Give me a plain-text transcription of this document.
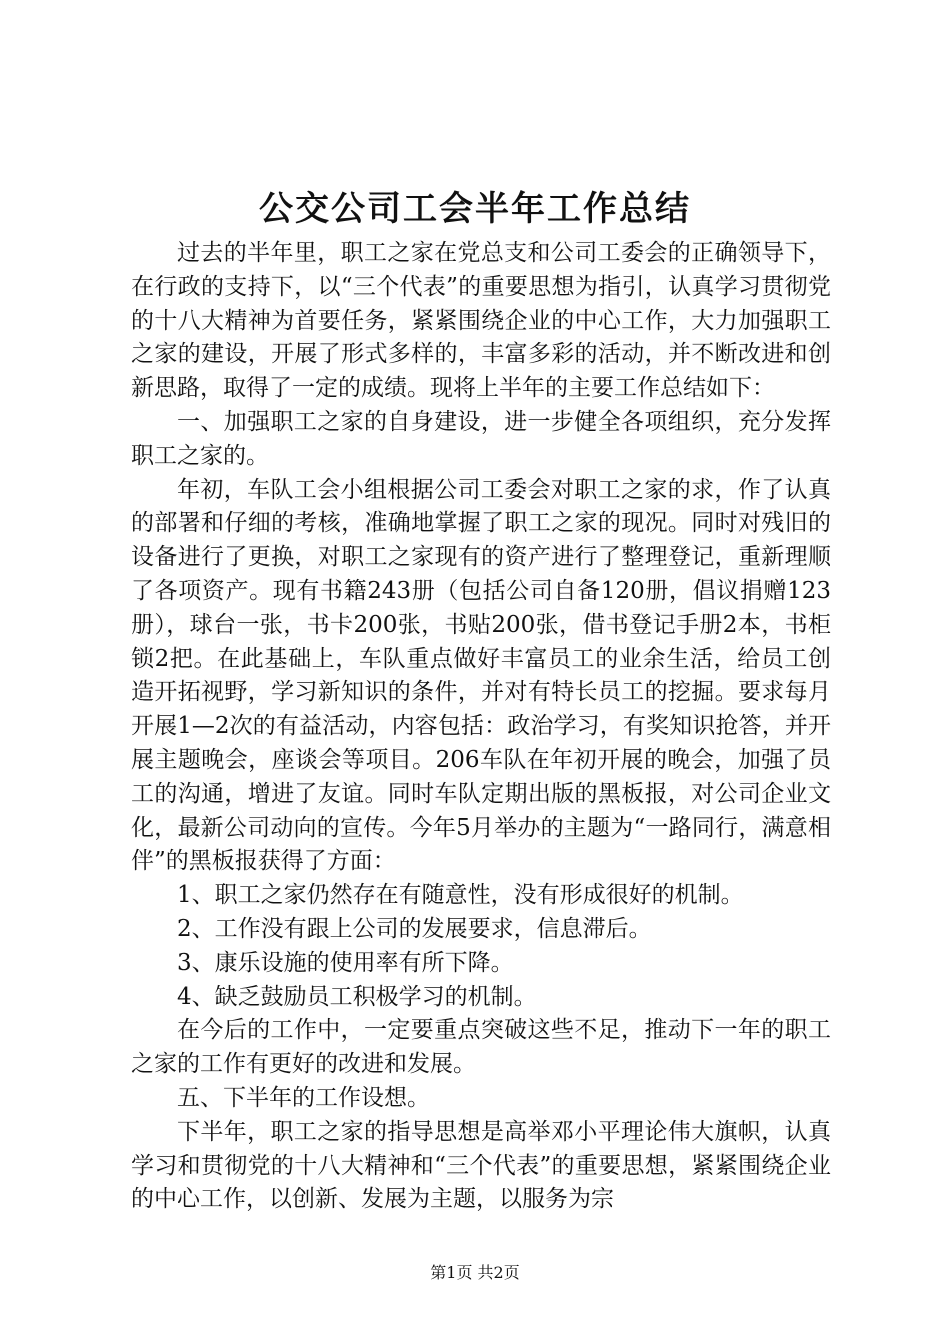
公交公司工会半年工作总结

过去的半年里，职工之家在党总支和公司工委会的正确领导下，在行政的支持下，以“三个代表”的重要思想为指引，认真学习贯彻党的十八大精神为首要任务，紧紧围绕企业的中心工作，大力加强职工之家的建设，开展了形式多样的，丰富多彩的活动，并不断改进和创新思路，取得了一定的成绩。现将上半年的主要工作总结如下：

一、加强职工之家的自身建设，进一步健全各项组织，充分发挥职工之家的。

年初，车队工会小组根据公司工委会对职工之家的求，作了认真的部署和仔细的考核，准确地掌握了职工之家的现况。同时对残旧的设备进行了更换，对职工之家现有的资产进行了整理登记，重新理顺了各项资产。现有书籍243册（包括公司自备120册，倡议捐赠123册），球台一张，书卡200张，书贴200张，借书登记手册2本，书柜锁2把。在此基础上，车队重点做好丰富员工的业余生活，给员工创造开拓视野，学习新知识的条件，并对有特长员工的挖掘。要求每月开展1—2次的有益活动，内容包括：政治学习，有奖知识抢答，并开展主题晚会，座谈会等项目。206车队在年初开展的晚会，加强了员工的沟通，增进了友谊。同时车队定期出版的黑板报，对公司企业文化，最新公司动向的宣传。今年5月举办的主题为“一路同行，满意相伴”的黑板报获得了方面：

1、职工之家仍然存在有随意性，没有形成很好的机制。

2、工作没有跟上公司的发展要求，信息滞后。

3、康乐设施的使用率有所下降。

4、缺乏鼓励员工积极学习的机制。

在今后的工作中，一定要重点突破这些不足，推动下一年的职工之家的工作有更好的改进和发展。

五、下半年的工作设想。

下半年，职工之家的指导思想是高举邓小平理论伟大旗帜，认真学习和贯彻党的十八大精神和“三个代表”的重要思想，紧紧围绕企业的中心工作，以创新、发展为主题，以服务为宗

第1页 共2页
